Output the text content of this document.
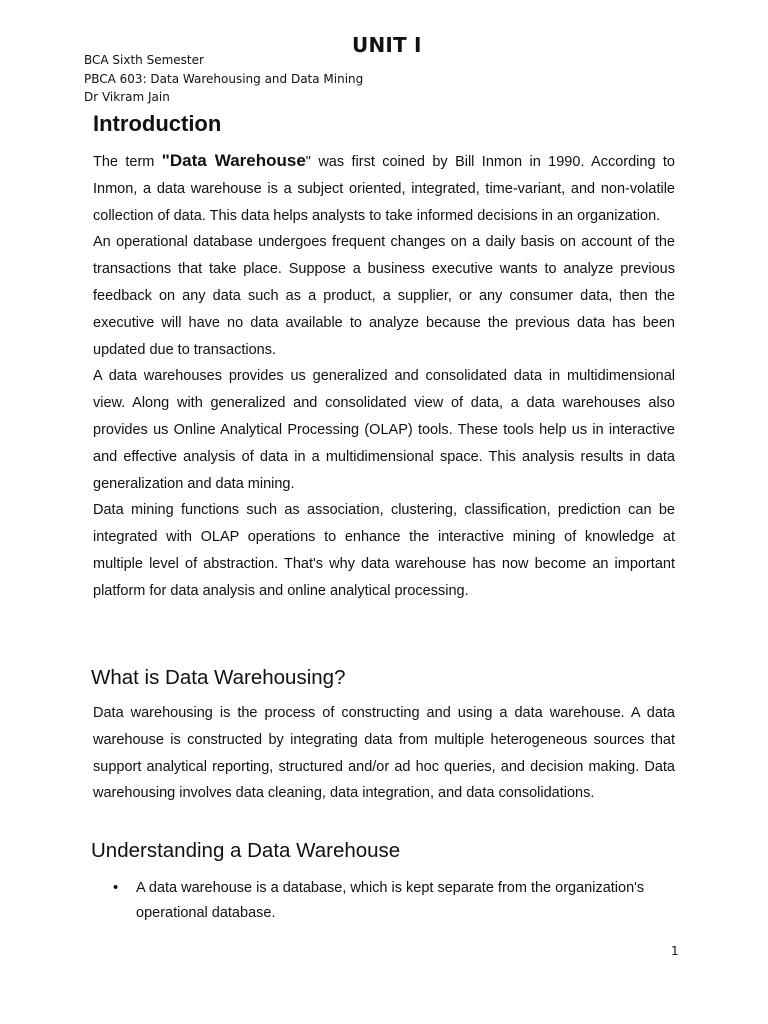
UNIT I
BCA Sixth Semester
PBCA 603: Data Warehousing and Data Mining
Dr Vikram Jain
Introduction

The term "Data Warehouse" was first coined by Bill Inmon in 1990. According to Inmon, a data warehouse is a subject oriented, integrated, time-variant, and non-volatile collection of data. This data helps analysts to take informed decisions in an organization.

An operational database undergoes frequent changes on a daily basis on account of the transactions that take place. Suppose a business executive wants to analyze previous feedback on any data such as a product, a supplier, or any consumer data, then the executive will have no data available to analyze because the previous data has been updated due to transactions.

A data warehouses provides us generalized and consolidated data in multidimensional view. Along with generalized and consolidated view of data, a data warehouses also provides us Online Analytical Processing (OLAP) tools. These tools help us in interactive and effective analysis of data in a multidimensional space. This analysis results in data generalization and data mining.

Data mining functions such as association, clustering, classification, prediction can be integrated with OLAP operations to enhance the interactive mining of knowledge at multiple level of abstraction. That's why data warehouse has now become an important platform for data analysis and online analytical processing.

What is Data Warehousing?

Data warehousing is the process of constructing and using a data warehouse. A data warehouse is constructed by integrating data from multiple heterogeneous sources that support analytical reporting, structured and/or ad hoc queries, and decision making. Data warehousing involves data cleaning, data integration, and data consolidations.

Understanding a Data Warehouse
• A data warehouse is a database, which is kept separate from the organization's operational database.
1
